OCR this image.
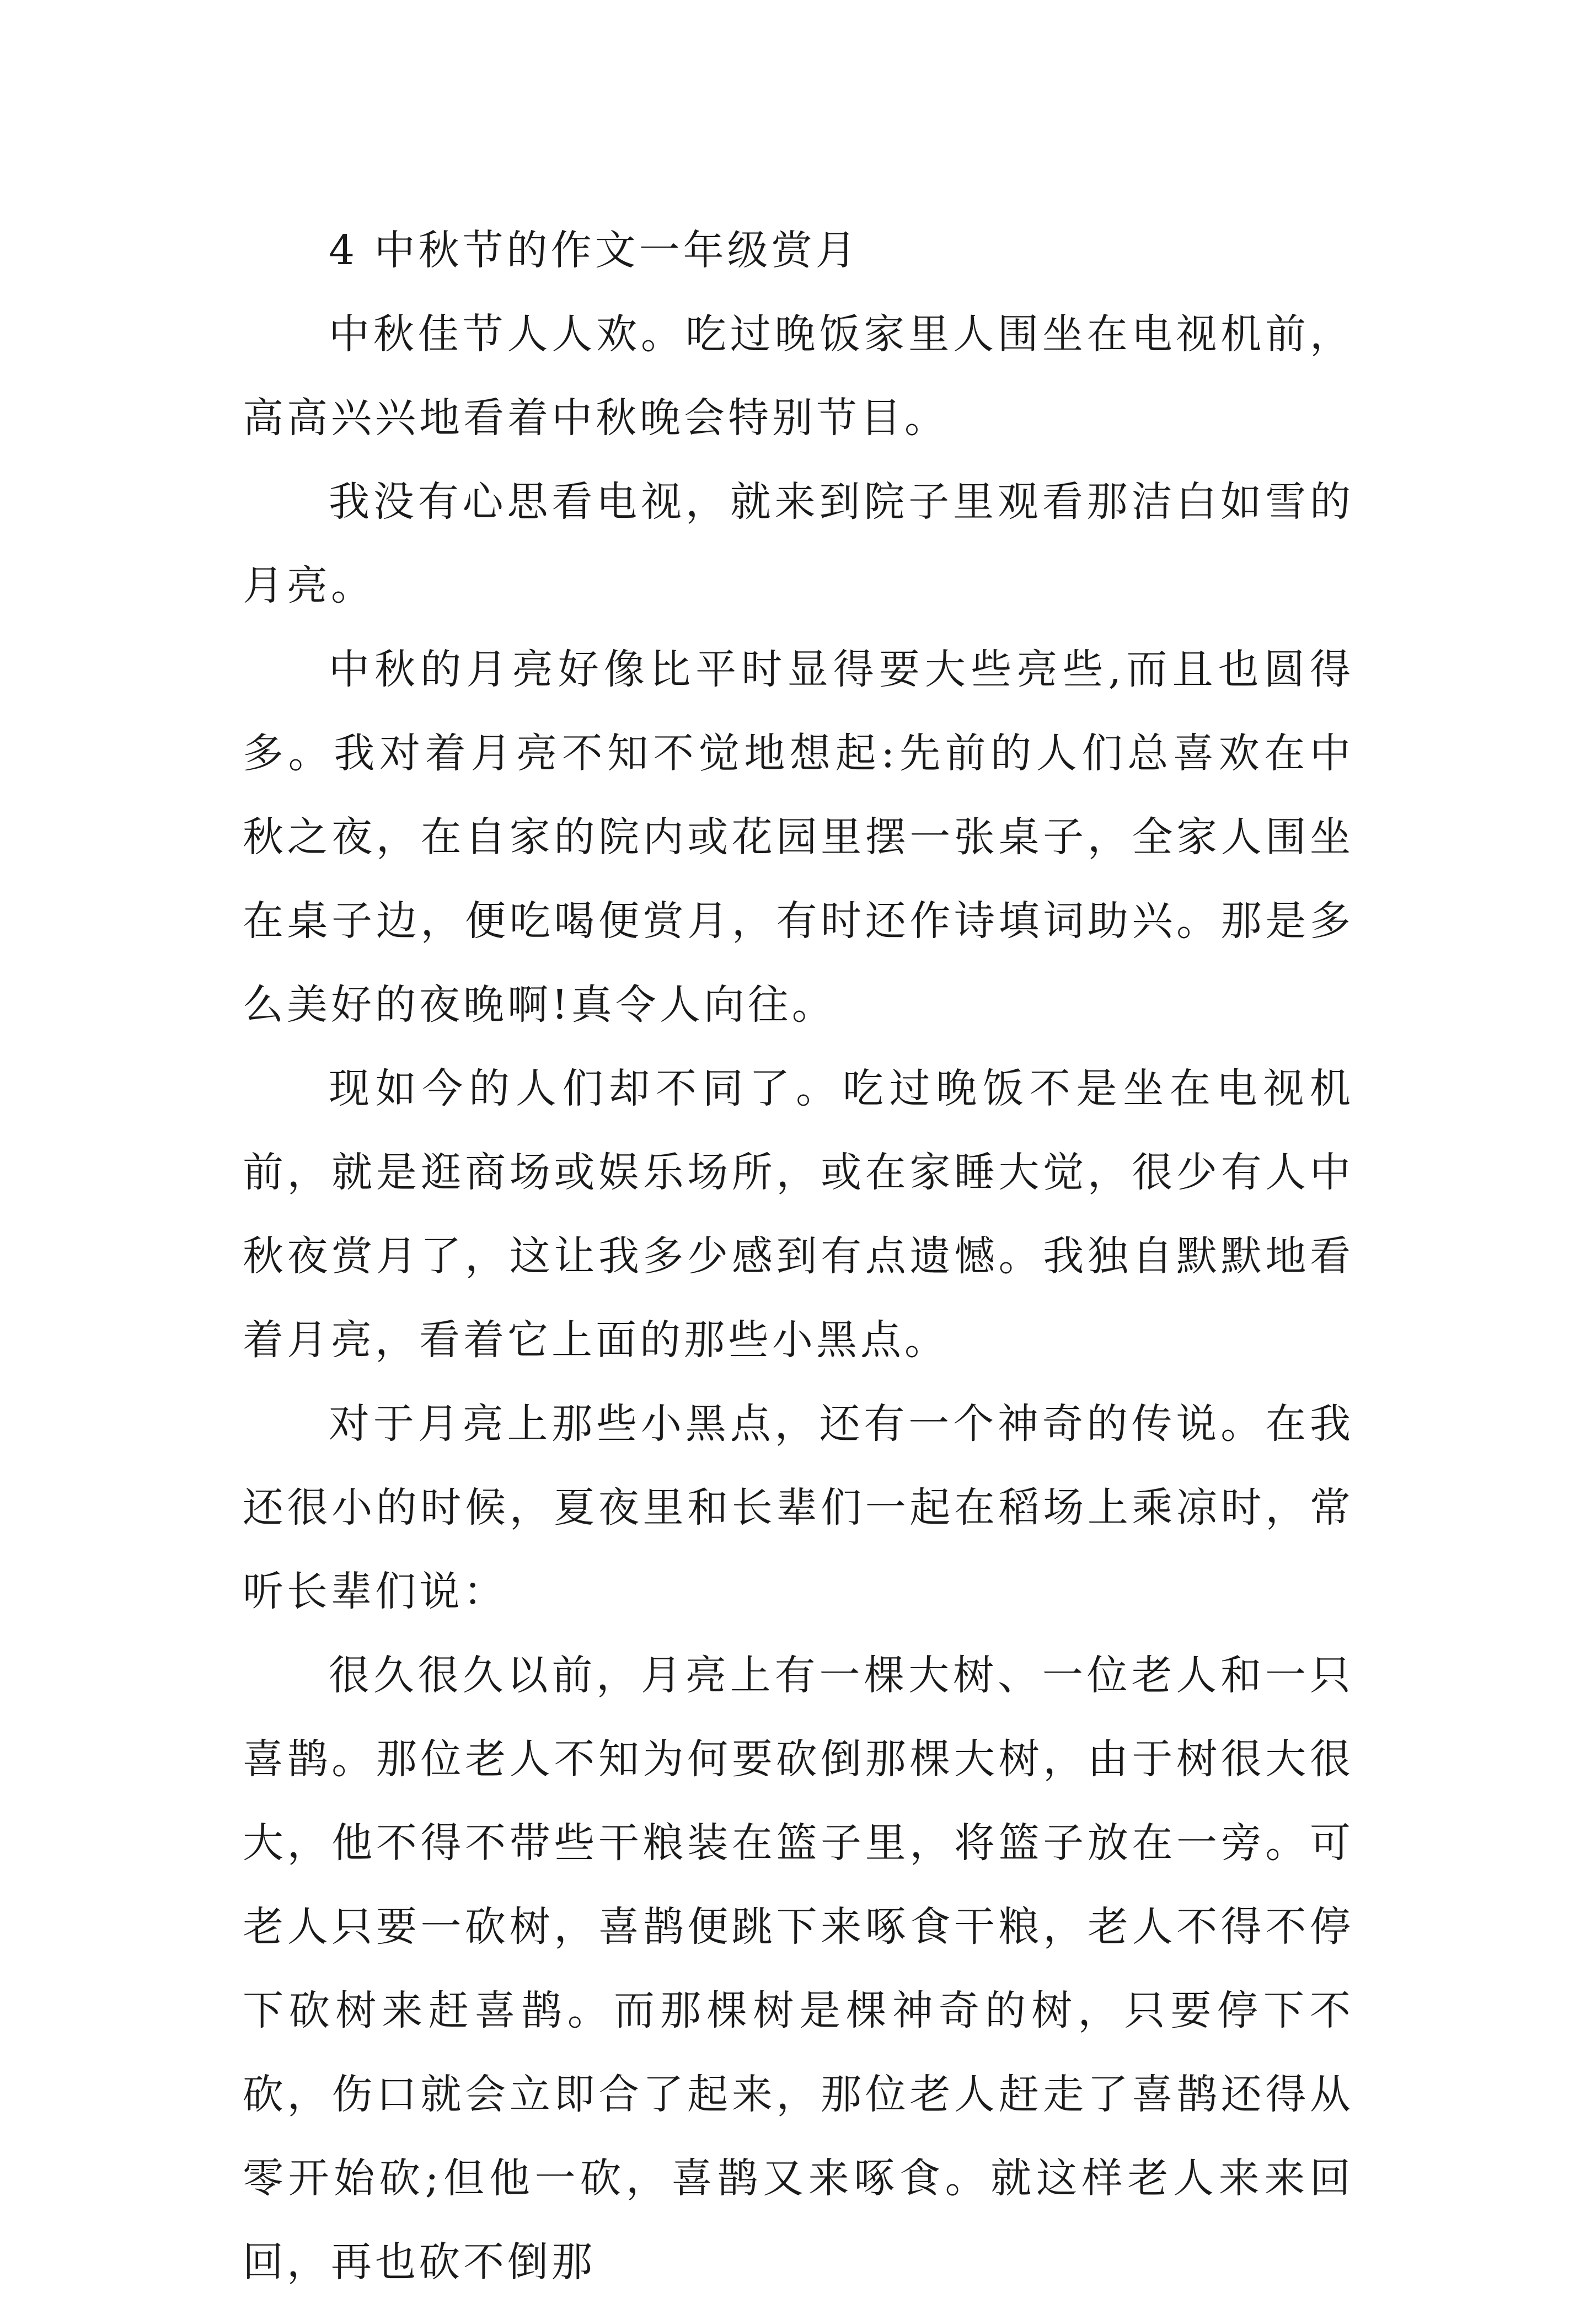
4 中秋节的作文一年级赏月

中秋佳节人人欢。吃过晚饭家里人围坐在电视机前，高高兴兴地看着中秋晚会特别节目。

我没有心思看电视，就来到院子里观看那洁白如雪的月亮。

中秋的月亮好像比平时显得要大些亮些,而且也圆得多。我对着月亮不知不觉地想起:先前的人们总喜欢在中秋之夜，在自家的院内或花园里摆一张桌子，全家人围坐在桌子边，便吃喝便赏月，有时还作诗填词助兴。那是多么美好的夜晚啊!真令人向往。

现如今的人们却不同了。吃过晚饭不是坐在电视机前，就是逛商场或娱乐场所，或在家睡大觉，很少有人中秋夜赏月了，这让我多少感到有点遗憾。我独自默默地看着月亮，看着它上面的那些小黑点。

对于月亮上那些小黑点，还有一个神奇的传说。在我还很小的时候，夏夜里和长辈们一起在稻场上乘凉时，常听长辈们说：

很久很久以前，月亮上有一棵大树、一位老人和一只喜鹊。那位老人不知为何要砍倒那棵大树，由于树很大很大，他不得不带些干粮装在篮子里，将篮子放在一旁。可老人只要一砍树，喜鹊便跳下来啄食干粮，老人不得不停下砍树来赶喜鹊。而那棵树是棵神奇的树，只要停下不砍，伤口就会立即合了起来，那位老人赶走了喜鹊还得从零开始砍;但他一砍，喜鹊又来啄食。就这样老人来来回回，再也砍不倒那
